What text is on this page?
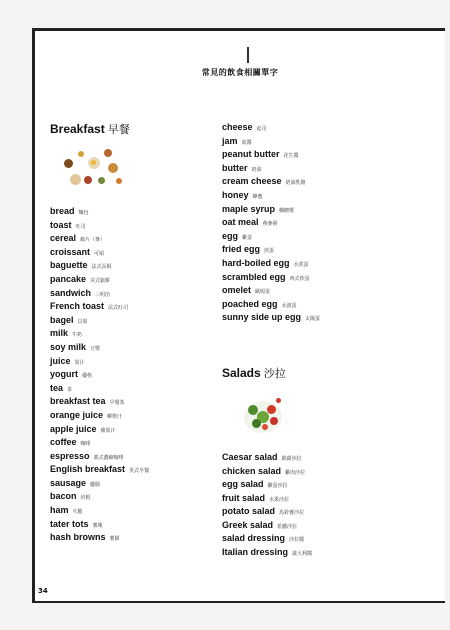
常見的飲食相關單字
Breakfast 早餐
bread 麵包
toast 吐司
cereal 穀片（麥）
croissant 可頌
baguette 法式長棍
pancake 美式鬆餅
sandwich 三明治
French toast 法式吐司
bagel 貝果
milk 牛奶
soy milk 豆漿
juice 果汁
yogurt 優格
tea 茶
breakfast tea 早餐茶
orange juice 柳橙汁
apple juice 蘋果汁
coffee 咖啡
espresso 義式濃縮咖啡
English breakfast 英式早餐
sausage 臘腸
bacon 培根
ham 火腿
tater tots 薯塊
hash browns 薯餅
cheese 起司
jam 果醬
peanut butter 花生醬
butter 奶油
cream cheese 奶油乳酪
honey 蜂蜜
maple syrup 楓糖漿
oat meal 燕麥粥
egg 雞蛋
fried egg 煎蛋
hard-boiled egg 水煮蛋
scrambled egg 西式炒蛋
omelet 歐姆蛋
poached egg 水波蛋
sunny side up egg 太陽蛋
Salads 沙拉
Caesar salad 凱薩沙拉
chicken salad 雞肉沙拉
egg salad 雞蛋沙拉
fruit salad 水果沙拉
potato salad 馬鈴薯沙拉
Greek salad 希臘沙拉
salad dressing 沙拉醬
Italian dressing 義大利醬
34
